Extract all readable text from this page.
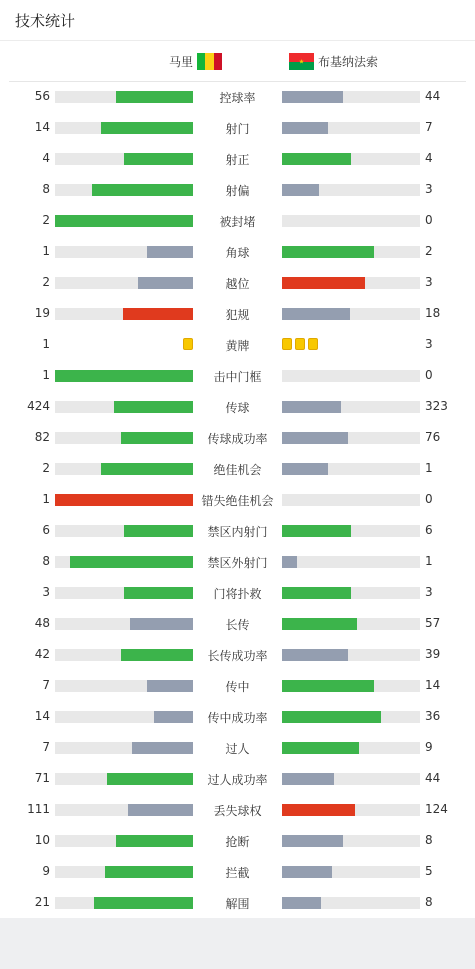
技术统计
马里	布基纳法索
56	控球率	44
14	射门	7
4	射正	4
8	射偏	3
2	被封堵	0
1	角球	2
2	越位	3
19	犯规	18
1	黄牌	3
1	击中门框	0
424	传球	323
82	传球成功率	76
2	绝佳机会	1
1	错失绝佳机会	0
6	禁区内射门	6
8	禁区外射门	1
3	门将扑救	3
48	长传	57
42	长传成功率	39
7	传中	14
14	传中成功率	36
7	过人	9
71	过人成功率	44
111	丢失球权	124
10	抢断	8
9	拦截	5
21	解围	8
